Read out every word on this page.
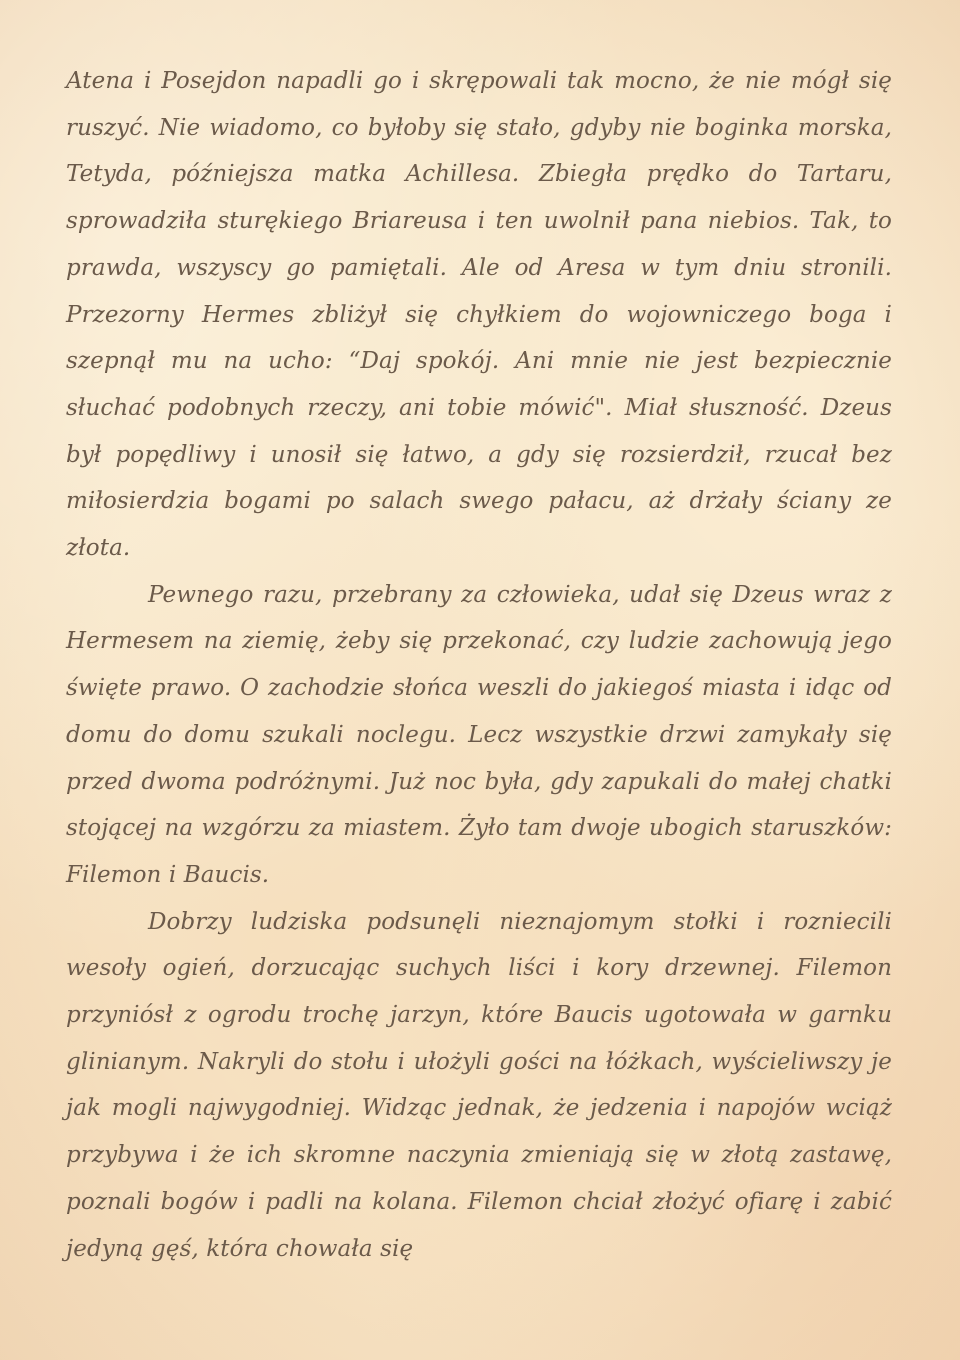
Atena i Posejdon napadli go i skrępowali tak mocno, że nie mógł się ruszyć. Nie wiadomo, co byłoby się stało, gdyby nie boginka morska, Tetyda, późniejsza matka Achillesa. Zbiegła prędko do Tartaru, sprowadziła sturękiego Briareusa i ten uwolnił pana niebios. Tak, to prawda, wszyscy go pamiętali. Ale od Aresa w tym dniu stronili. Przezorny Hermes zbliżył się chyłkiem do wojowniczego boga i szepnął mu na ucho: “Daj spokój. Ani mnie nie jest bezpiecznie słuchać podobnych rzeczy, ani tobie mówić". Miał słuszność. Dzeus był popędliwy i unosił się łatwo, a gdy się rozsierdził, rzucał bez miłosierdzia bogami po salach swego pałacu, aż drżały ściany ze złota.

Pewnego razu, przebrany za człowieka, udał się Dzeus wraz z Hermesem na ziemię, żeby się przekonać, czy ludzie zachowują jego święte prawo. O zachodzie słońca weszli do jakiegoś miasta i idąc od domu do domu szukali noclegu. Lecz wszystkie drzwi zamykały się przed dwoma podróżnymi. Już noc była, gdy zapukali do małej chatki stojącej na wzgórzu za miastem. Żyło tam dwoje ubogich staruszków: Filemon i Baucis.

Dobrzy ludziska podsunęli nieznajomym stołki i rozniecili wesoły ogień, dorzucając suchych liści i kory drzewnej. Filemon przyniósł z ogrodu trochę jarzyn, które Baucis ugotowała w garnku glinianym. Nakryli do stołu i ułożyli gości na łóżkach, wyścieliwszy je jak mogli najwygodniej. Widząc jednak, że jedzenia i napojów wciąż przybywa i że ich skromne naczynia zmieniają się w złotą zastawę, poznali bogów i padli na kolana. Filemon chciał złożyć ofiarę i zabić jedyną gęś, która chowała się
